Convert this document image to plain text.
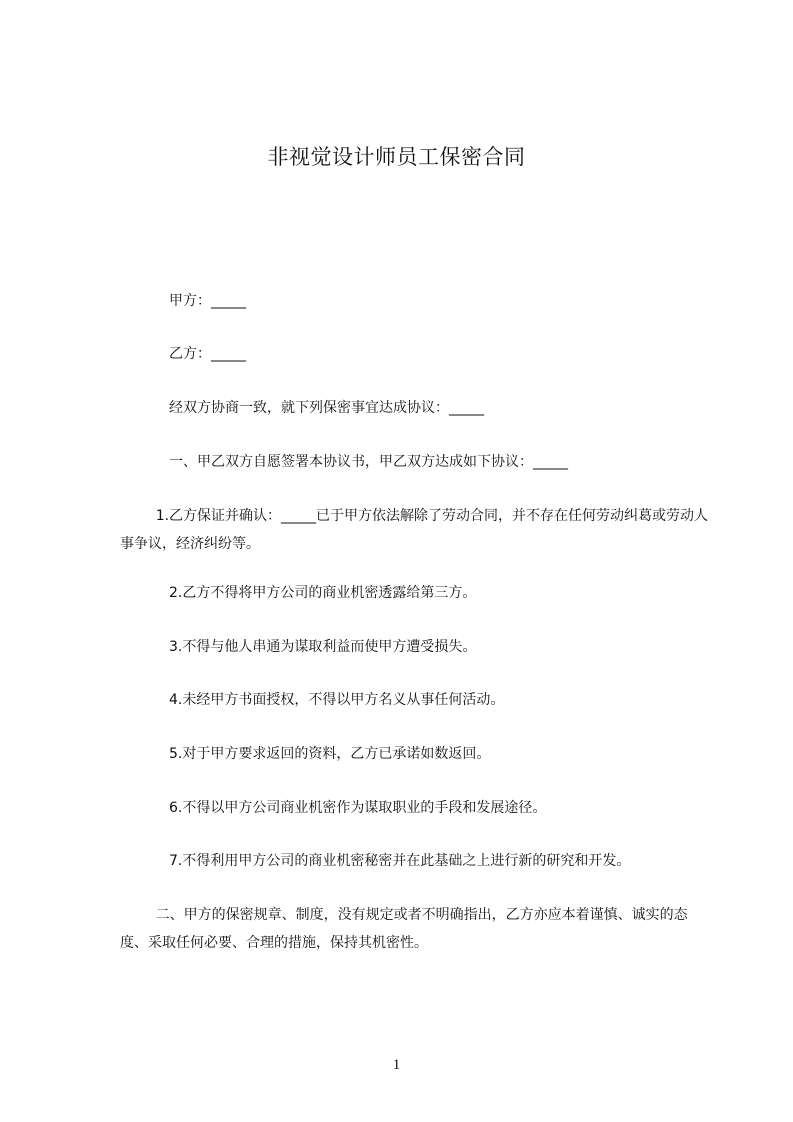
非视觉设计师员工保密合同
甲方：_____
乙方：_____
经双方协商一致，就下列保密事宜达成协议：_____
一、甲乙双方自愿签署本协议书，甲乙双方达成如下协议：_____
1.乙方保证并确认：_____已于甲方依法解除了劳动合同，并不存在任何劳动纠葛或劳动人事争议，经济纠纷等。
2.乙方不得将甲方公司的商业机密透露给第三方。
3.不得与他人串通为谋取利益而使甲方遭受损失。
4.未经甲方书面授权，不得以甲方名义从事任何活动。
5.对于甲方要求返回的资料，乙方已承诺如数返回。
6.不得以甲方公司商业机密作为谋取职业的手段和发展途径。
7.不得利用甲方公司的商业机密秘密并在此基础之上进行新的研究和开发。
二、甲方的保密规章、制度，没有规定或者不明确指出，乙方亦应本着谨慎、诚实的态度、采取任何必要、合理的措施，保持其机密性。
1
